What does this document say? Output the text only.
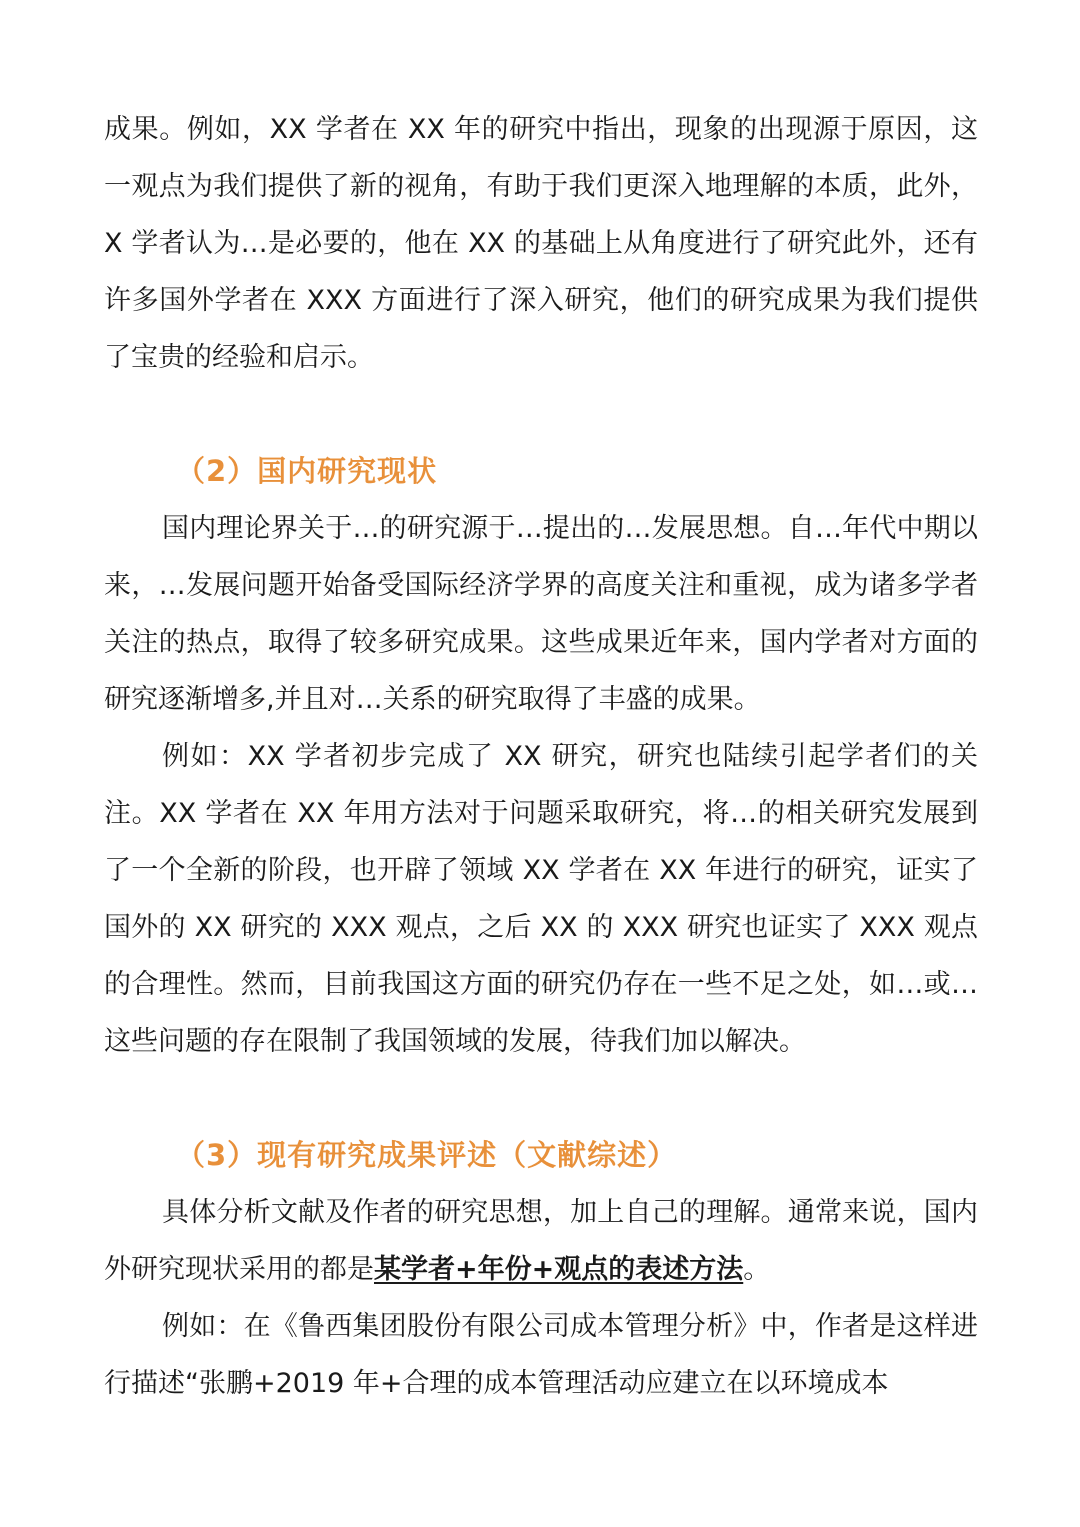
成果。例如，XX 学者在 XX 年的研究中指出，现象的出现源于原因，这一观点为我们提供了新的视角，有助于我们更深入地理解的本质，此外，X 学者认为…是必要的，他在 XX 的基础上从角度进行了研究此外，还有许多国外学者在 XXX 方面进行了深入研究，他们的研究成果为我们提供了宝贵的经验和启示。

（2）国内研究现状

国内理论界关于…的研究源于…提出的…发展思想。自…年代中期以来，…发展问题开始备受国际经济学界的高度关注和重视，成为诸多学者关注的热点，取得了较多研究成果。这些成果近年来，国内学者对方面的研究逐渐增多,并且对…关系的研究取得了丰盛的成果。

例如：XX 学者初步完成了 XX 研究，研究也陆续引起学者们的关注。XX 学者在 XX 年用方法对于问题采取研究，将…的相关研究发展到了一个全新的阶段，也开辟了领域 XX 学者在 XX 年进行的研究，证实了国外的 XX 研究的 XXX 观点，之后 XX 的 XXX 研究也证实了 XXX 观点的合理性。然而，目前我国这方面的研究仍存在一些不足之处，如…或…这些问题的存在限制了我国领域的发展，待我们加以解决。

（3）现有研究成果评述（文献综述）

具体分析文献及作者的研究思想，加上自己的理解。通常来说，国内外研究现状采用的都是某学者+年份+观点的表述方法。

例如：在《鲁西集团股份有限公司成本管理分析》中，作者是这样进行描述“张鹏+2019 年+合理的成本管理活动应建立在以环境成本
